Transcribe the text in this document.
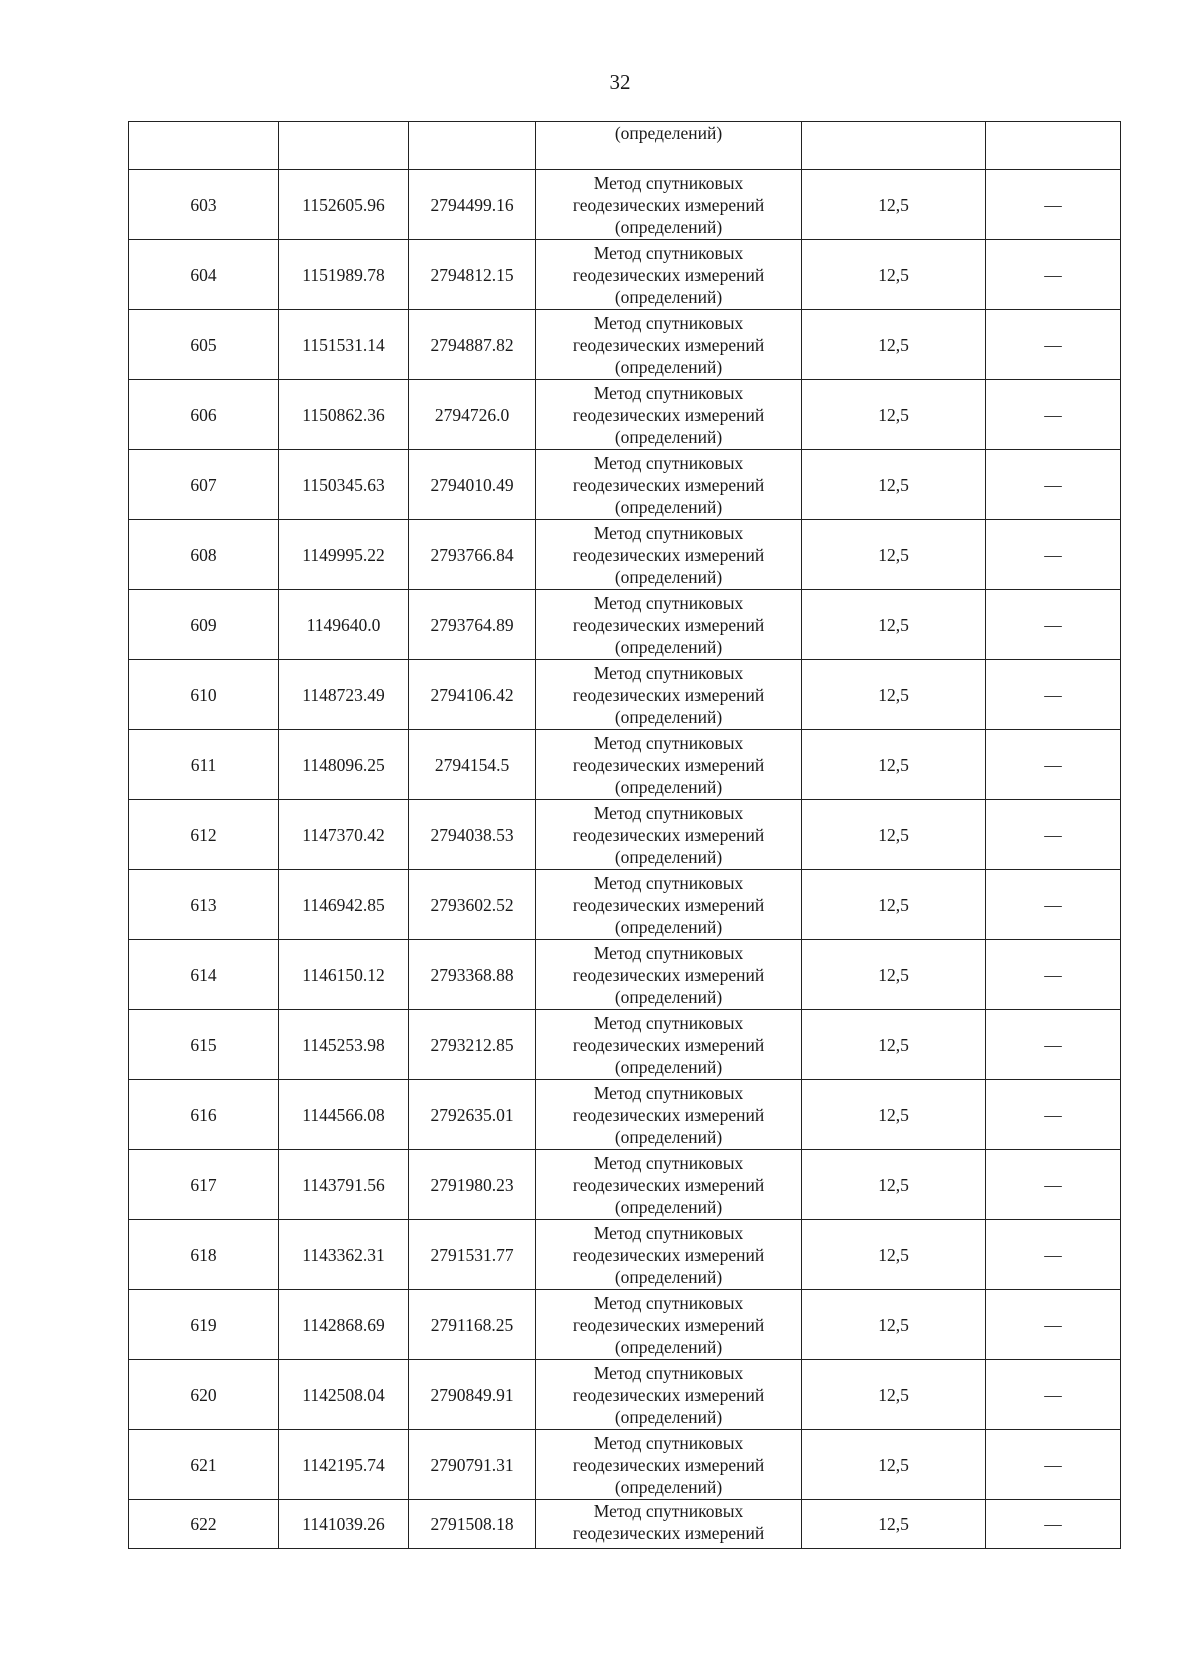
32
			(определений)		
603	1152605.96	2794499.16	Метод спутниковых
геодезических измерений
(определений)	12,5	—
604	1151989.78	2794812.15	Метод спутниковых
геодезических измерений
(определений)	12,5	—
605	1151531.14	2794887.82	Метод спутниковых
геодезических измерений
(определений)	12,5	—
606	1150862.36	2794726.0	Метод спутниковых
геодезических измерений
(определений)	12,5	—
607	1150345.63	2794010.49	Метод спутниковых
геодезических измерений
(определений)	12,5	—
608	1149995.22	2793766.84	Метод спутниковых
геодезических измерений
(определений)	12,5	—
609	1149640.0	2793764.89	Метод спутниковых
геодезических измерений
(определений)	12,5	—
610	1148723.49	2794106.42	Метод спутниковых
геодезических измерений
(определений)	12,5	—
611	1148096.25	2794154.5	Метод спутниковых
геодезических измерений
(определений)	12,5	—
612	1147370.42	2794038.53	Метод спутниковых
геодезических измерений
(определений)	12,5	—
613	1146942.85	2793602.52	Метод спутниковых
геодезических измерений
(определений)	12,5	—
614	1146150.12	2793368.88	Метод спутниковых
геодезических измерений
(определений)	12,5	—
615	1145253.98	2793212.85	Метод спутниковых
геодезических измерений
(определений)	12,5	—
616	1144566.08	2792635.01	Метод спутниковых
геодезических измерений
(определений)	12,5	—
617	1143791.56	2791980.23	Метод спутниковых
геодезических измерений
(определений)	12,5	—
618	1143362.31	2791531.77	Метод спутниковых
геодезических измерений
(определений)	12,5	—
619	1142868.69	2791168.25	Метод спутниковых
геодезических измерений
(определений)	12,5	—
620	1142508.04	2790849.91	Метод спутниковых
геодезических измерений
(определений)	12,5	—
621	1142195.74	2790791.31	Метод спутниковых
геодезических измерений
(определений)	12,5	—
622	1141039.26	2791508.18	Метод спутниковых
геодезических измерений	12,5	—
